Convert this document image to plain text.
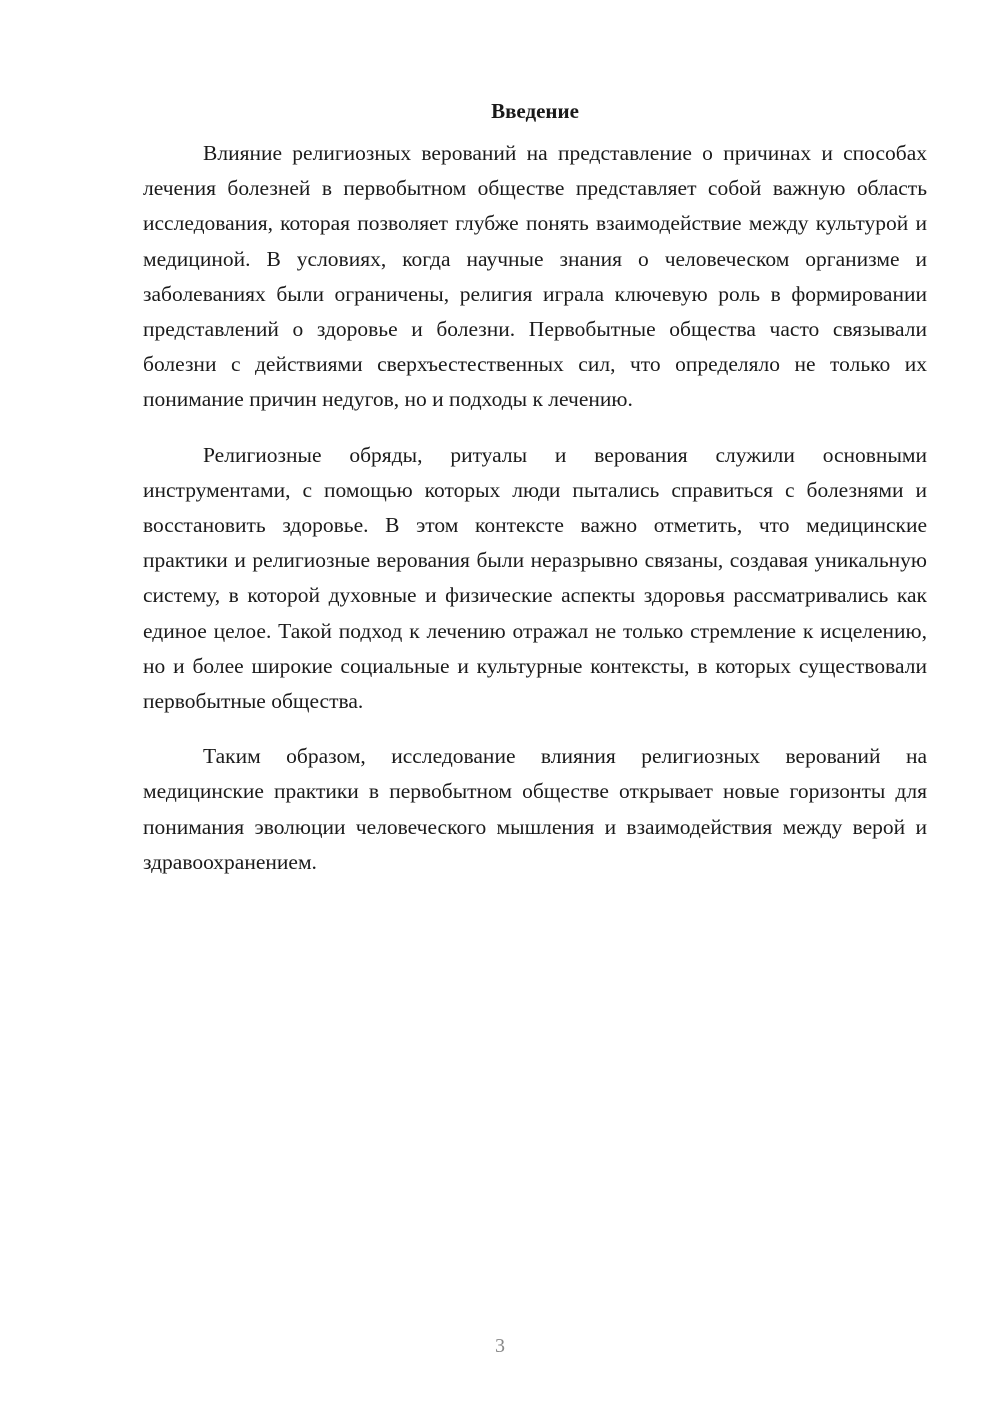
Введение

Влияние религиозных верований на представление о причинах и способах лечения болезней в первобытном обществе представляет собой важную область исследования, которая позволяет глубже понять взаимодействие между культурой и медициной. В условиях, когда научные знания о человеческом организме и заболеваниях были ограничены, религия играла ключевую роль в формировании представлений о здоровье и болезни. Первобытные общества часто связывали болезни с действиями сверхъестественных сил, что определяло не только их понимание причин недугов, но и подходы к лечению.

Религиозные обряды, ритуалы и верования служили основными инструментами, с помощью которых люди пытались справиться с болезнями и восстановить здоровье. В этом контексте важно отметить, что медицинские практики и религиозные верования были неразрывно связаны, создавая уникальную систему, в которой духовные и физические аспекты здоровья рассматривались как единое целое. Такой подход к лечению отражал не только стремление к исцелению, но и более широкие социальные и культурные контексты, в которых существовали первобытные общества.

Таким образом, исследование влияния религиозных верований на медицинские практики в первобытном обществе открывает новые горизонты для понимания эволюции человеческого мышления и взаимодействия между верой и здравоохранением.

3
